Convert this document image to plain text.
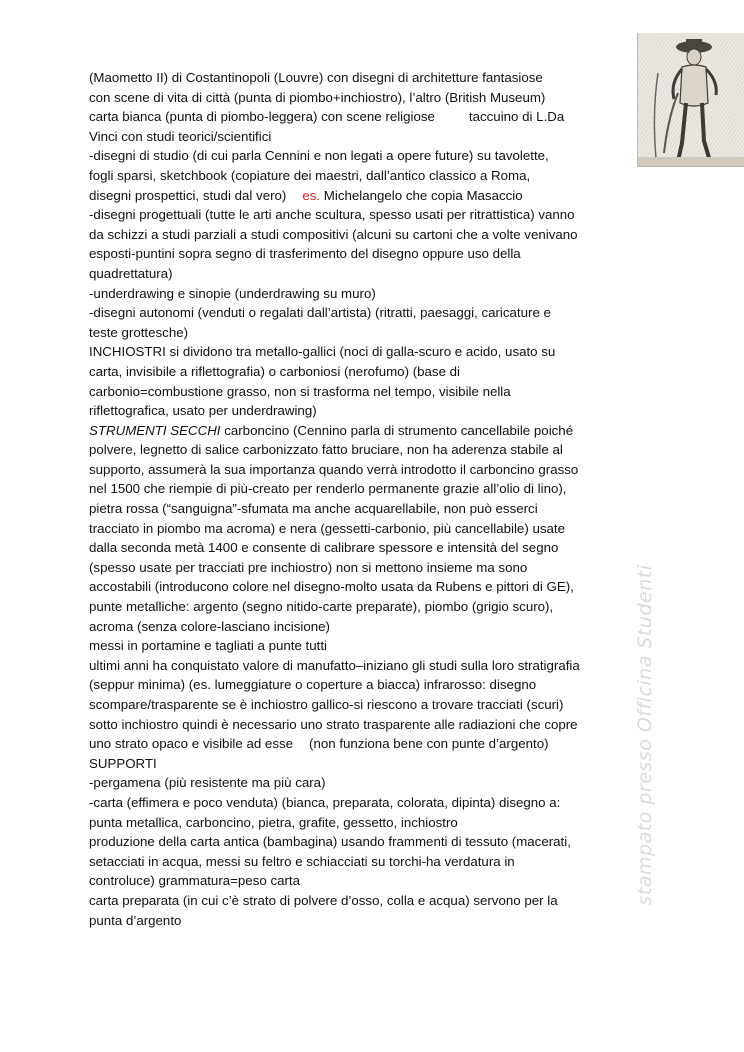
(Maometto II) di Costantinopoli (Louvre) con disegni di architetture fantasiose
con scene di vita di città (punta di piombo+inchiostro), l’altro (British Museum)
carta bianca (punta di piombo-leggera) con scene religiose	taccuino di L.Da
Vinci con studi teorici/scientifici
-disegni di studio (di cui parla Cennini e non legati a opere future) su tavolette,
fogli sparsi, sketchbook (copiature dei maestri, dall’antico classico a Roma,
disegni prospettici, studi dal vero) es. Michelangelo che copia Masaccio
-disegni progettuali (tutte le arti anche scultura, spesso usati per ritrattistica) vanno
da schizzi a studi parziali a studi compositivi (alcuni su cartoni che a volte venivano
esposti-puntini sopra segno di trasferimento del disegno oppure uso della
quadrettatura)
-underdrawing e sinopie (underdrawing su muro)
-disegni autonomi (venduti o regalati dall’artista) (ritratti, paesaggi, caricature e
teste grottesche)
INCHIOSTRI si dividono tra metallo-gallici (noci di galla-scuro e acido, usato su
carta, invisibile a riflettografia) o carboniosi (nerofumo) (base di
carbonio=combustione grasso, non si trasforma nel tempo, visibile nella
riflettografica, usato per underdrawing)
STRUMENTI SECCHI carboncino (Cennino parla di strumento cancellabile poiché
polvere, legnetto di salice carbonizzato fatto bruciare, non ha aderenza stabile al
supporto, assumerà la sua importanza quando verrà introdotto il carboncino grasso
nel 1500 che riempie di più-creato per renderlo permanente grazie all’olio di lino),
pietra rossa (“sanguigna”-sfumata ma anche acquarellabile, non può esserci
tracciato in piombo ma acroma) e nera (gessetti-carbonio, più cancellabile) usate
dalla seconda metà 1400 e consente di calibrare spessore e intensità del segno
(spesso usate per tracciati pre inchiostro) non si mettono insieme ma sono
accostabili (introducono colore nel disegno-molto usata da Rubens e pittori di GE),
punte metalliche: argento (segno nitido-carte preparate), piombo (grigio scuro),
acroma (senza colore-lasciano incisione)
messi in portamine e tagliati a punte tutti
ultimi anni ha conquistato valore di manufatto–iniziano gli studi sulla loro stratigrafia
(seppur minima) (es. lumeggiature o coperture a biacca) infrarosso: disegno
scompare/trasparente se è inchiostro gallico-si riescono a trovare tracciati (scuri)
sotto inchiostro quindi è necessario uno strato trasparente alle radiazioni che copre
uno strato opaco e visibile ad esse (non funziona bene con punte d’argento)
SUPPORTI
-pergamena (più resistente ma più cara)
-carta (effimera e poco venduta) (bianca, preparata, colorata, dipinta) disegno a:
punta metallica, carboncino, pietra, grafite, gessetto, inchiostro
produzione della carta antica (bambagina) usando frammenti di tessuto (macerati,
setacciati in acqua, messi su feltro e schiacciati su torchi-ha verdatura in
controluce) grammatura=peso carta
carta preparata (in cui c’è strato di polvere d’osso, colla e acqua) servono per la
punta d’argento
stampato presso Officina Studenti
